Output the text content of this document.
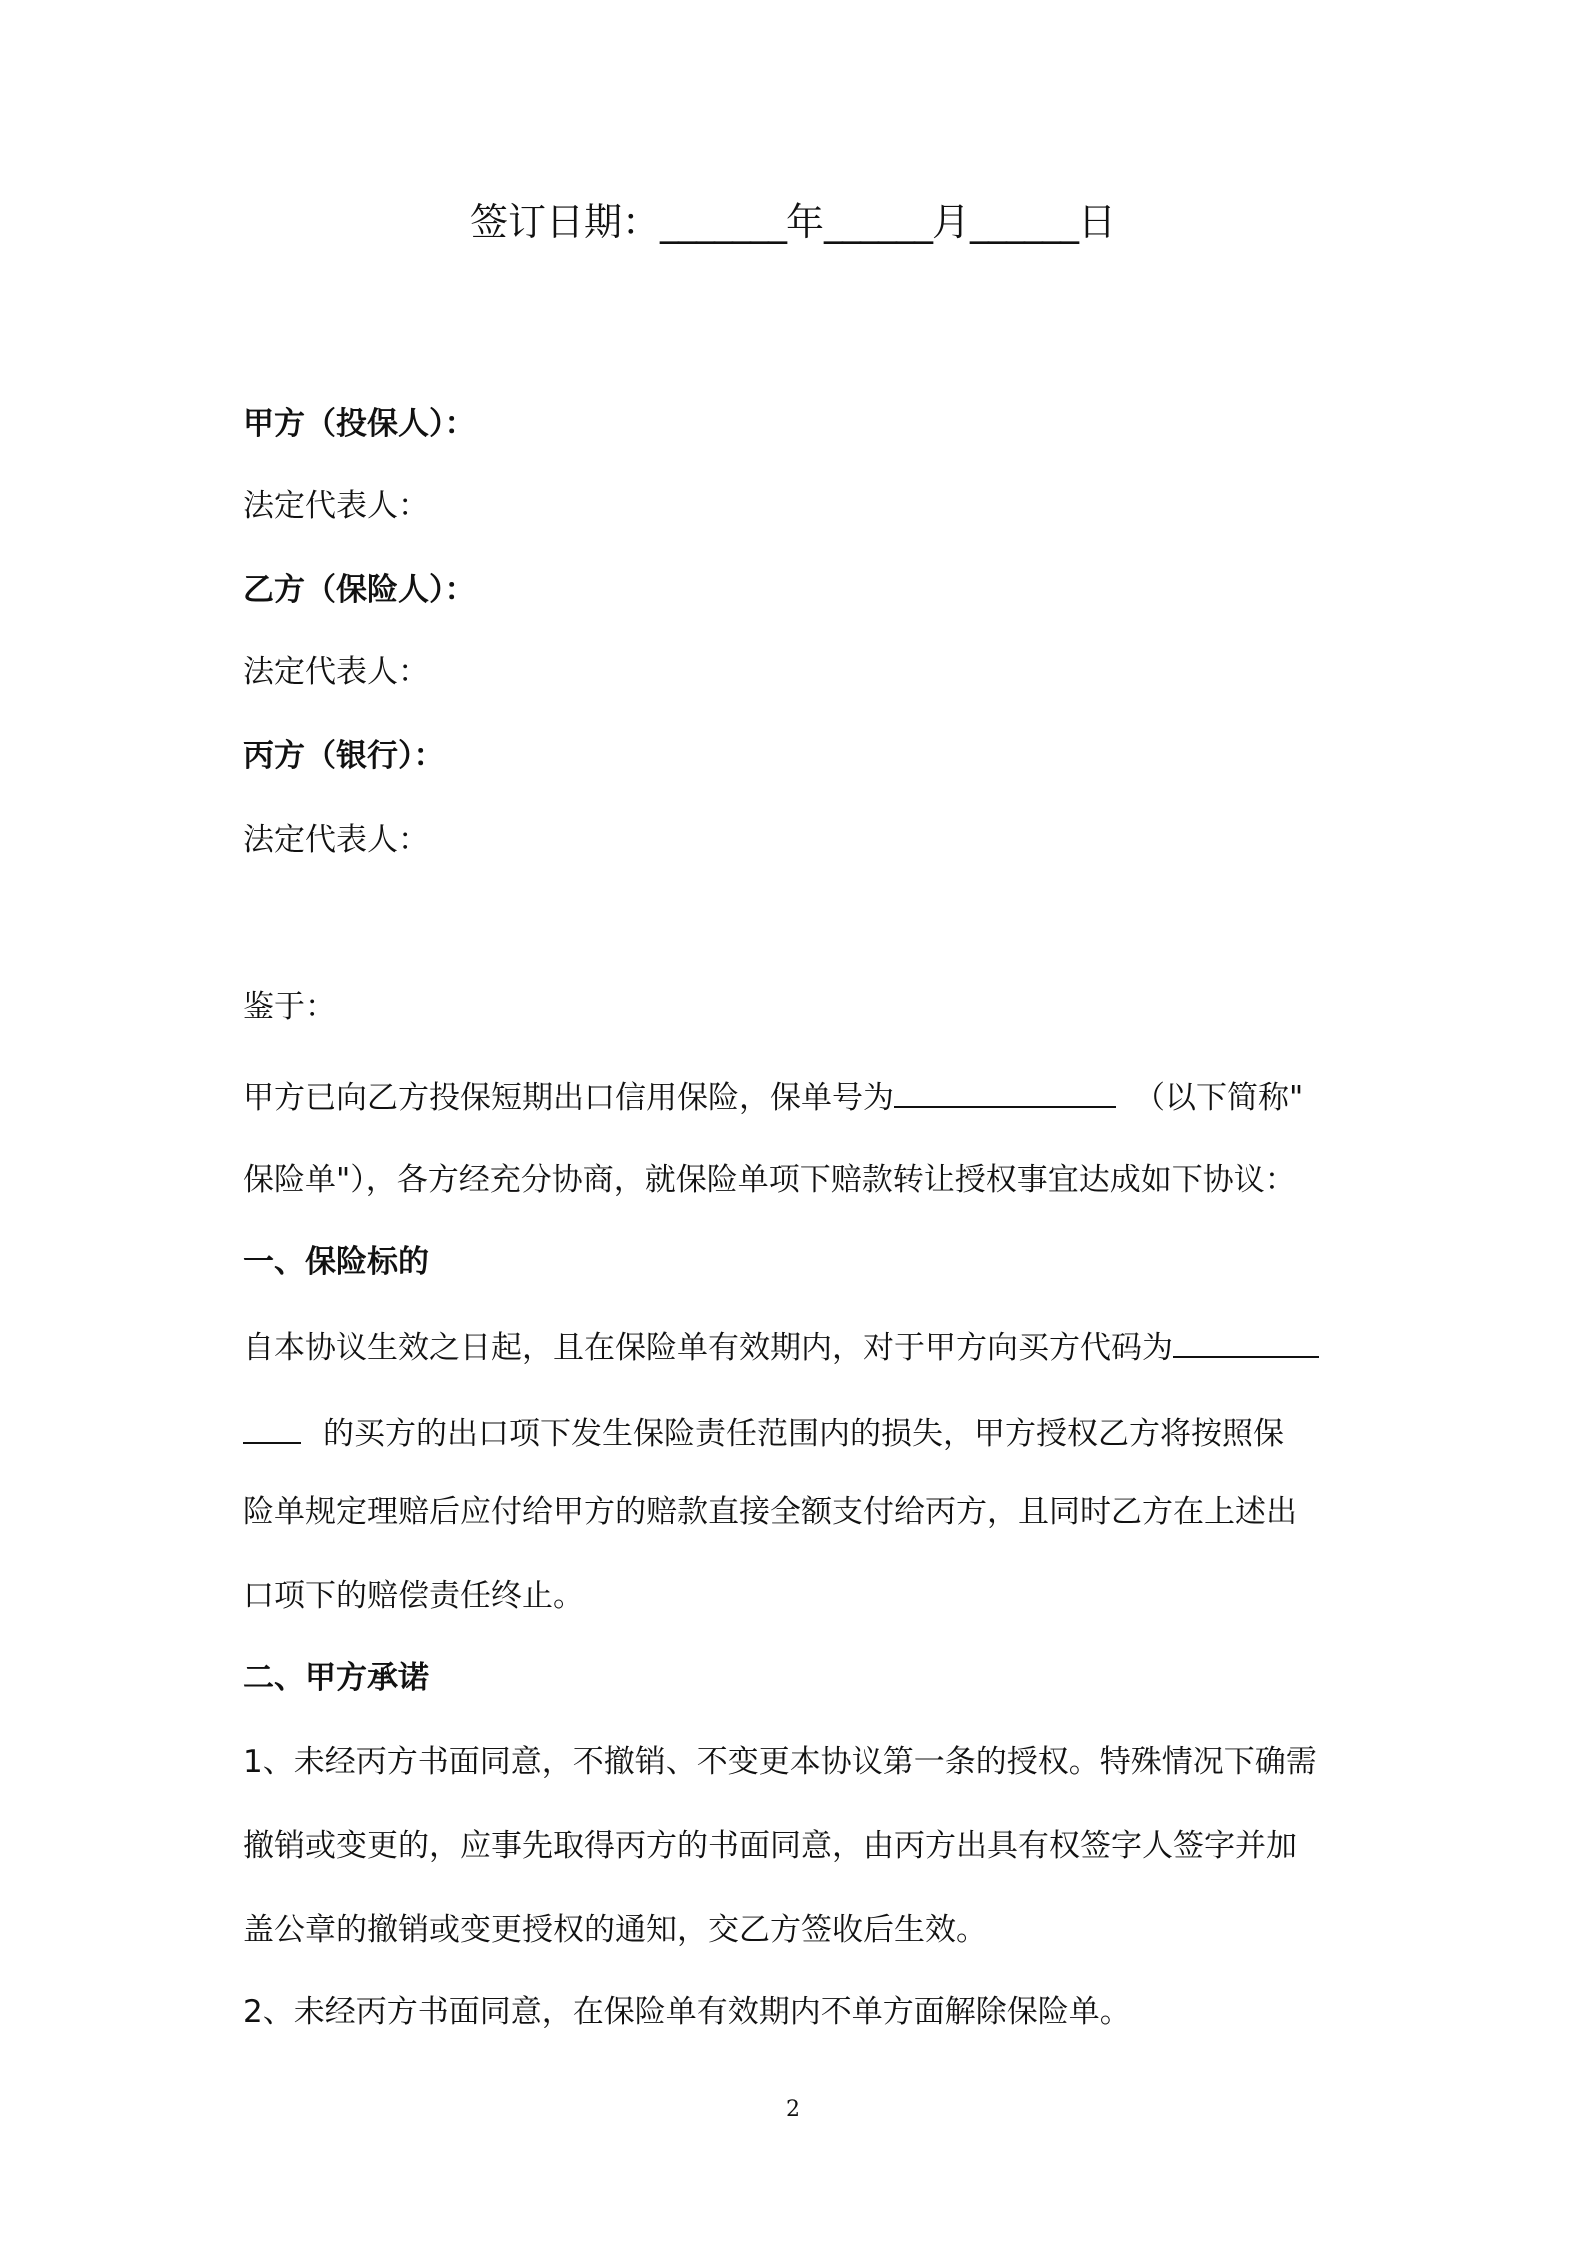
签订日期：_______年______月______日
甲方（投保人）：
法定代表人：
乙方（保险人）：
法定代表人：
丙方（银行）：
法定代表人：
鉴于：
甲方已向乙方投保短期出口信用保险，保单号为	（以下简称"
保险单"），各方经充分协商，就保险单项下赔款转让授权事宜达成如下协议：
一、保险标的
自本协议生效之日起，且在保险单有效期内，对于甲方向买方代码为
的买方的出口项下发生保险责任范围内的损失，甲方授权乙方将按照保
险单规定理赔后应付给甲方的赔款直接全额支付给丙方，且同时乙方在上述出
口项下的赔偿责任终止。
二、甲方承诺
1、未经丙方书面同意，不撤销、不变更本协议第一条的授权。特殊情况下确需
撤销或变更的，应事先取得丙方的书面同意，由丙方出具有权签字人签字并加
盖公章的撤销或变更授权的通知，交乙方签收后生效。
2、未经丙方书面同意，在保险单有效期内不单方面解除保险单。
2
